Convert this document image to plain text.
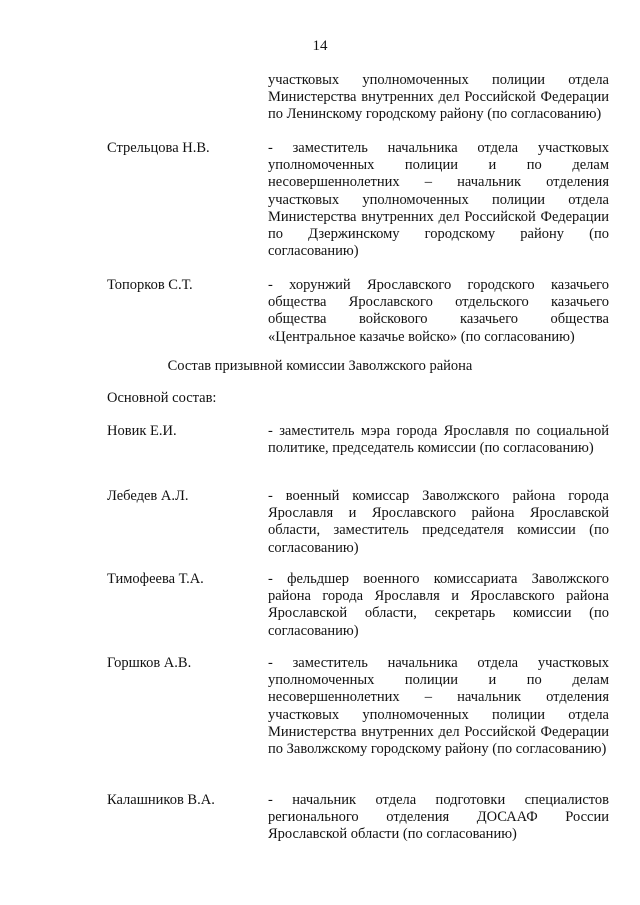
14
участковых уполномоченных полиции отдела Министерства внутренних дел Российской Федерации по Ленинскому городскому району (по согласованию)
Стрельцова Н.В.	- заместитель начальника отдела участковых уполномоченных полиции и по делам несовершеннолетних – начальник отделения участковых уполномоченных полиции отдела Министерства внутренних дел Российской Федерации по Дзержинскому городскому району (по согласованию)
Топорков С.Т.	- хорунжий Ярославского городского казачьего общества Ярославского отдельского казачьего общества войскового казачьего общества «Центральное казачье войско» (по согласованию)
Состав призывной комиссии Заволжского района
Основной состав:
Новик Е.И.	- заместитель мэра города Ярославля по социальной политике, председатель комиссии (по согласованию)
Лебедев А.Л.	- военный комиссар Заволжского района города Ярославля и Ярославского района Ярославской области, заместитель председателя комиссии (по согласованию)
Тимофеева Т.А.	- фельдшер военного комиссариата Заволжского района города Ярославля и Ярославского района Ярославской области, секретарь комиссии (по согласованию)
Горшков А.В.	- заместитель начальника отдела участковых уполномоченных полиции и по делам несовершеннолетних – начальник отделения участковых уполномоченных полиции отдела Министерства внутренних дел Российской Федерации по Заволжскому городскому району (по согласованию)
Калашников В.А.	- начальник отдела подготовки специалистов регионального отделения ДОСААФ России Ярославской области (по согласованию)
